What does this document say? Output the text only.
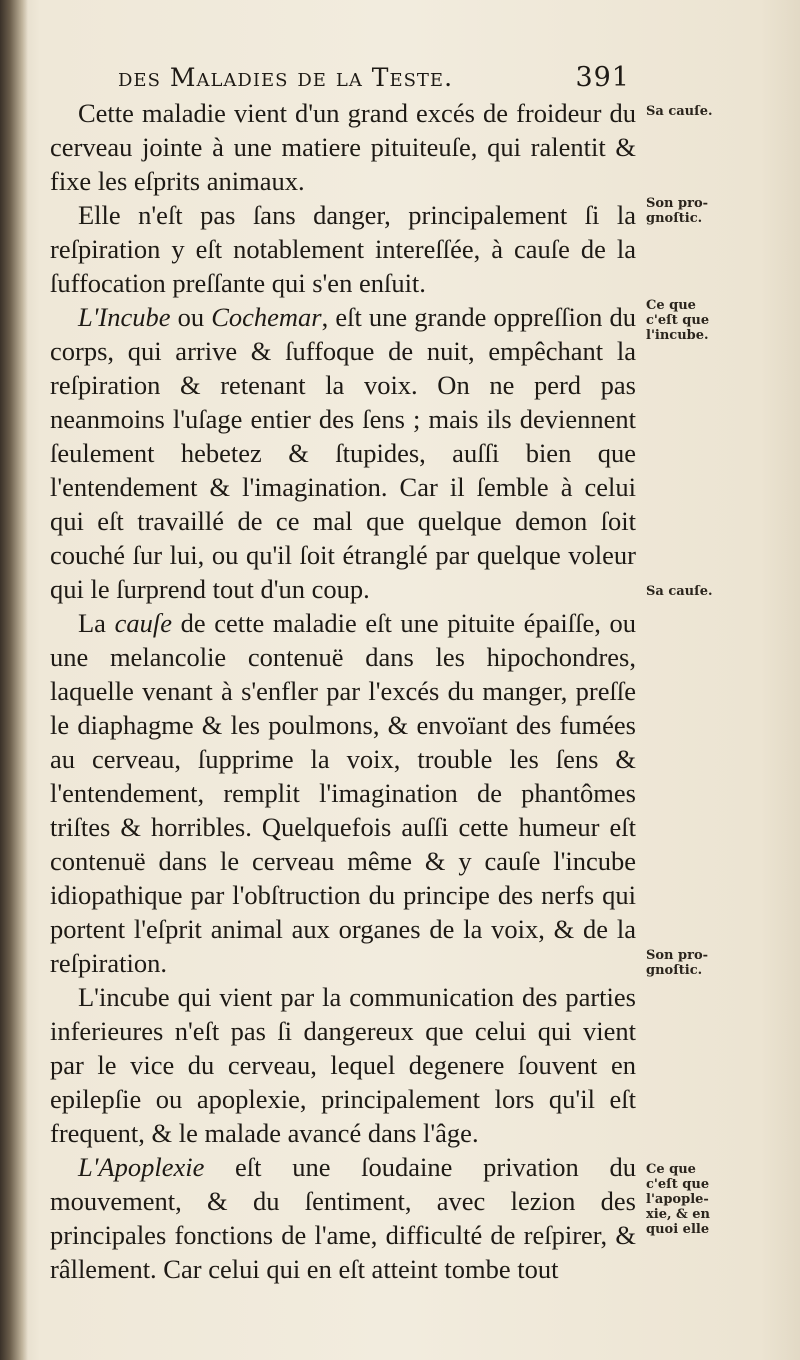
des Maladies de la Teste.	391

Cette maladie vient d'un grand excés de froideur du cerveau jointe à une matiere pituiteuſe, qui ralentit & fixe les eſprits animaux.

Elle n'eſt pas ſans danger, principalement ſi la reſpiration y eſt notablement intereſſée, à cauſe de la ſuffocation preſſante qui s'en enſuit.

L'Incube ou Cochemar, eſt une grande oppreſſion du corps, qui arrive & ſuffoque de nuit, empêchant la reſpiration & retenant la voix. On ne perd pas neanmoins l'uſage entier des ſens ; mais ils deviennent ſeulement hebetez & ſtupides, auſſi bien que l'entendement & l'imagination. Car il ſemble à celui qui eſt travaillé de ce mal que quelque demon ſoit couché ſur lui, ou qu'il ſoit étranglé par quelque voleur qui le ſurprend tout d'un coup.

La cauſe de cette maladie eſt une pituite épaiſſe, ou une melancolie contenuë dans les hipochondres, laquelle venant à s'enfler par l'excés du manger, preſſe le diaphagme & les poulmons, & envoïant des fumées au cerveau, ſupprime la voix, trouble les ſens & l'entendement, remplit l'imagination de phantômes triſtes & horribles. Quelquefois auſſi cette humeur eſt contenuë dans le cerveau même & y cauſe l'incube idiopathique par l'obſtruction du principe des nerfs qui portent l'eſprit animal aux organes de la voix, & de la reſpiration.

L'incube qui vient par la communication des parties inferieures n'eſt pas ſi dangereux que celui qui vient par le vice du cerveau, lequel degenere ſouvent en epilepſie ou apoplexie, principalement lors qu'il eſt frequent, & le malade avancé dans l'âge.

L'Apoplexie eſt une ſoudaine privation du mouvement, & du ſentiment, avec lezion des principales fonctions de l'ame, difficulté de reſpirer, & râllement. Car celui qui en eſt atteint tombe tout

Sa cauſe.
Son pro-
gnoſtic.
Ce que
c'eſt que
l'incube.
Sa cauſe.
Son pro-
gnoſtic.
Ce que
c'eſt que
l'apople-
xie, & en
quoi elle
